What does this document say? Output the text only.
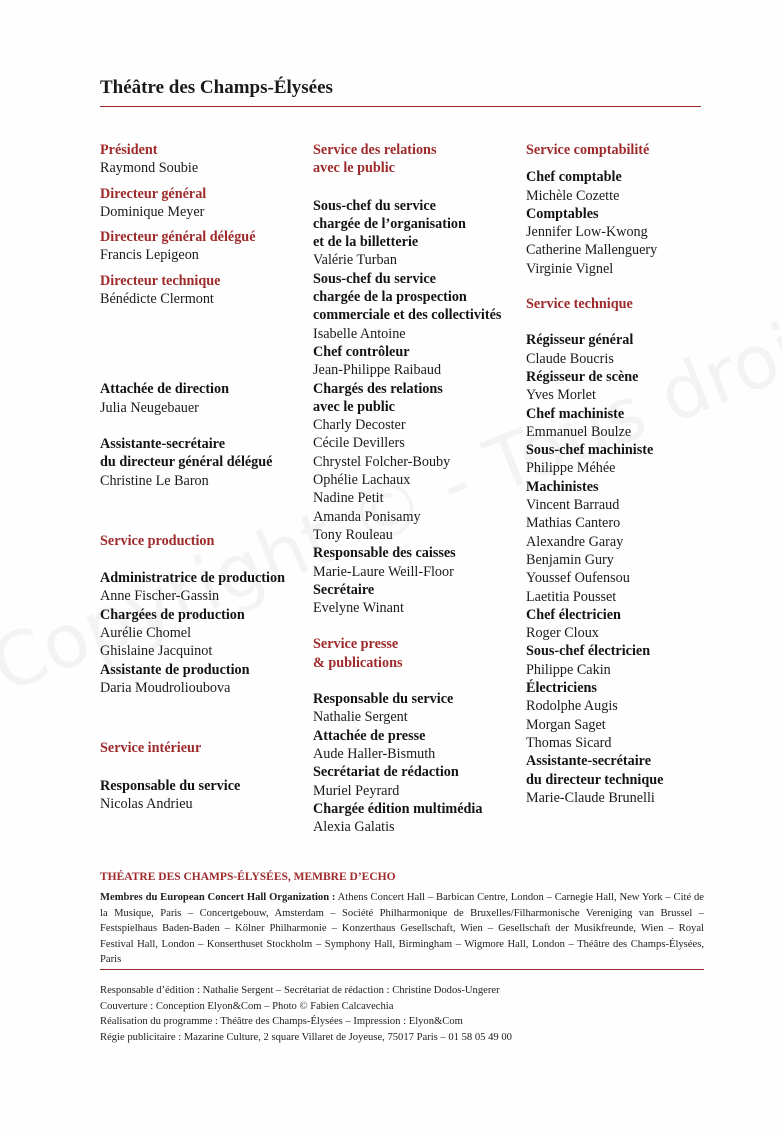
Théâtre des Champs-Élysées
Président
Raymond Soubie
Directeur général
Dominique Meyer
Directeur général délégué
Francis Lepigeon
Directeur technique
Bénédicte Clermont
Attachée de direction
Julia Neugebauer
Assistante-secrétaire
du directeur général délégué
Christine Le Baron
Service production
Administratrice de production
Anne Fischer-Gassin
Chargées de production
Aurélie Chomel
Ghislaine Jacquinot
Assistante de production
Daria Moudrolioubova
Service intérieur
Responsable du service
Nicolas Andrieu
Service des relations
avec le public
Sous-chef du service
chargée de l’organisation
et de la billetterie
Valérie Turban
Sous-chef du service
chargée de la prospection
commerciale et des collectivités
Isabelle Antoine
Chef contrôleur
Jean-Philippe Raibaud
Chargés des relations
avec le public
Charly Decoster
Cécile Devillers
Chrystel Folcher-Bouby
Ophélie Lachaux
Nadine Petit
Amanda Ponisamy
Tony Rouleau
Responsable des caisses
Marie-Laure Weill-Floor
Secrétaire
Evelyne Winant
Service presse
& publications
Responsable du service
Nathalie Sergent
Attachée de presse
Aude Haller-Bismuth
Secrétariat de rédaction
Muriel Peyrard
Chargée édition multimédia
Alexia Galatis
Service comptabilité
Chef comptable
Michèle Cozette
Comptables
Jennifer Low-Kwong
Catherine Mallenguery
Virginie Vignel
Service technique
Régisseur général
Claude Boucris
Régisseur de scène
Yves Morlet
Chef machiniste
Emmanuel Boulze
Sous-chef machiniste
Philippe Méhée
Machinistes
Vincent Barraud
Mathias Cantero
Alexandre Garay
Benjamin Gury
Youssef Oufensou
Laetitia Pousset
Chef électricien
Roger Cloux
Sous-chef électricien
Philippe Cakin
Électriciens
Rodolphe Augis
Morgan Saget
Thomas Sicard
Assistante-secrétaire
du directeur technique
Marie-Claude Brunelli
THÉATRE DES CHAMPS-ÉLYSÉES, MEMBRE D’ECHO
Membres du European Concert Hall Organization : Athens Concert Hall – Barbican Centre, London – Carnegie Hall, New York – Cité de la Musique, Paris – Concertgebouw, Amsterdam – Société Philharmonique de Bruxelles/Filharmonische Vereniging van Brussel – Festspielhaus Baden-Baden – Kölner Philharmonie – Konzerthaus Gesellschaft, Wien – Gesellschaft der Musikfreunde, Wien – Royal Festival Hall, London – Konserthuset Stockholm – Symphony Hall, Birmingham – Wigmore Hall, London – Théâtre des Champs-Élysées, Paris
Responsable d’édition : Nathalie Sergent – Secrétariat de rédaction : Christine Dodos-Ungerer
Couverture : Conception Elyon&Com – Photo © Fabien Calcavechia
Réalisation du programme : Théâtre des Champs-Élysées – Impression : Elyon&Com
Régie publicitaire : Mazarine Culture, 2 square Villaret de Joyeuse, 75017 Paris – 01 58 05 49 00
